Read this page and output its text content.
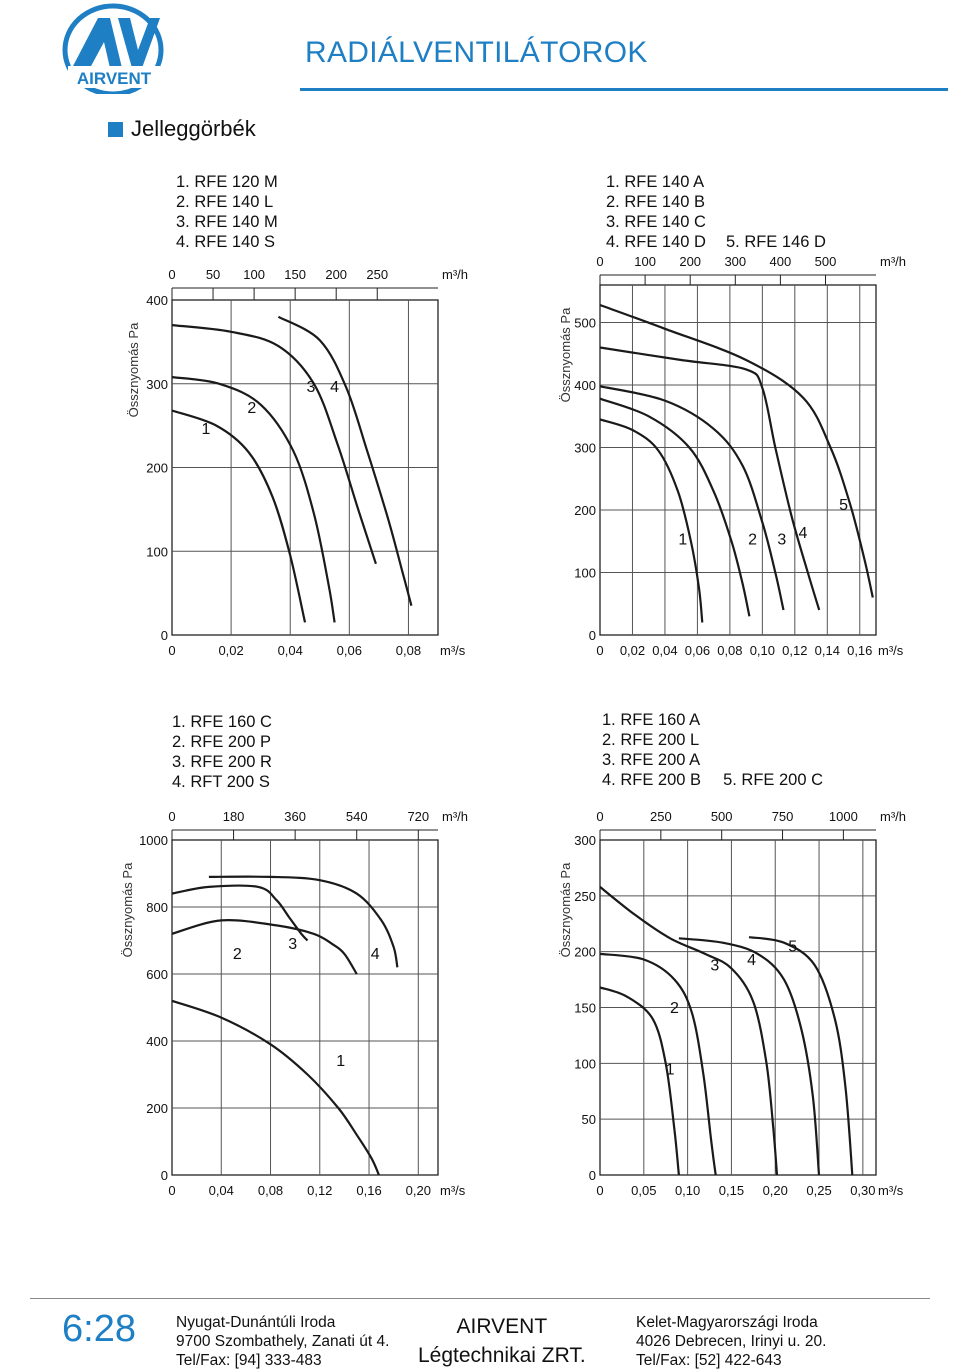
AIRVENT
RADIÁLVENTILÁTOROK
Jelleggörbék
1. RFE 120 M
2. RFE 140 L
3. RFE 140 M
4. RFE 140 S
1. RFE 140 A
2. RFE 140 B
3. RFE 140 C
4. RFE 140 D 5. RFE 146 D
1. RFE 160 C
2. RFE 200 P
3. RFE 200 R
4. RFT 200 S
1. RFE 160 A
2. RFE 200 L
3. RFE 200 A
4. RFE 200 B 5. RFE 200 C
0	0,02	0,04	0,06	0,08
0
100
200
300
400
0 50 100 150 200 250	m³/h
m³/s
Össznyomás Pa
1
2
3 4
0 0,02 0,04 0,06 0,08 0,10 0,12 0,14 0,16
0
100
200
300
400
500
0 100 200 300 400 500	m³/h
m³/s
Össznyomás Pa
1	2 3 4
5
0	0,04 0,08 0,12 0,16 0,20
0
200
400
600
800
1000
0	180	360	540	720 m³/h
m³/s
Össznyomás Pa
1
2
3
4
0 0,05 0,10 0,15 0,20 0,25 0,30
0
50
100
150
200
250
300
0	250	500	750	1000 m³/h
m³/s
Össznyomás Pa
1
2
3 4
5
6:28	Nyugat-Dunántúli Iroda
9700 Szombathely, Zanati út 4.
Tel/Fax: [94] 333-483
AIRVENT
Légtechnikai ZRT.
Kelet-Magyarországi Iroda
4026 Debrecen, Irinyi u. 20.
Tel/Fax: [52] 422-643
